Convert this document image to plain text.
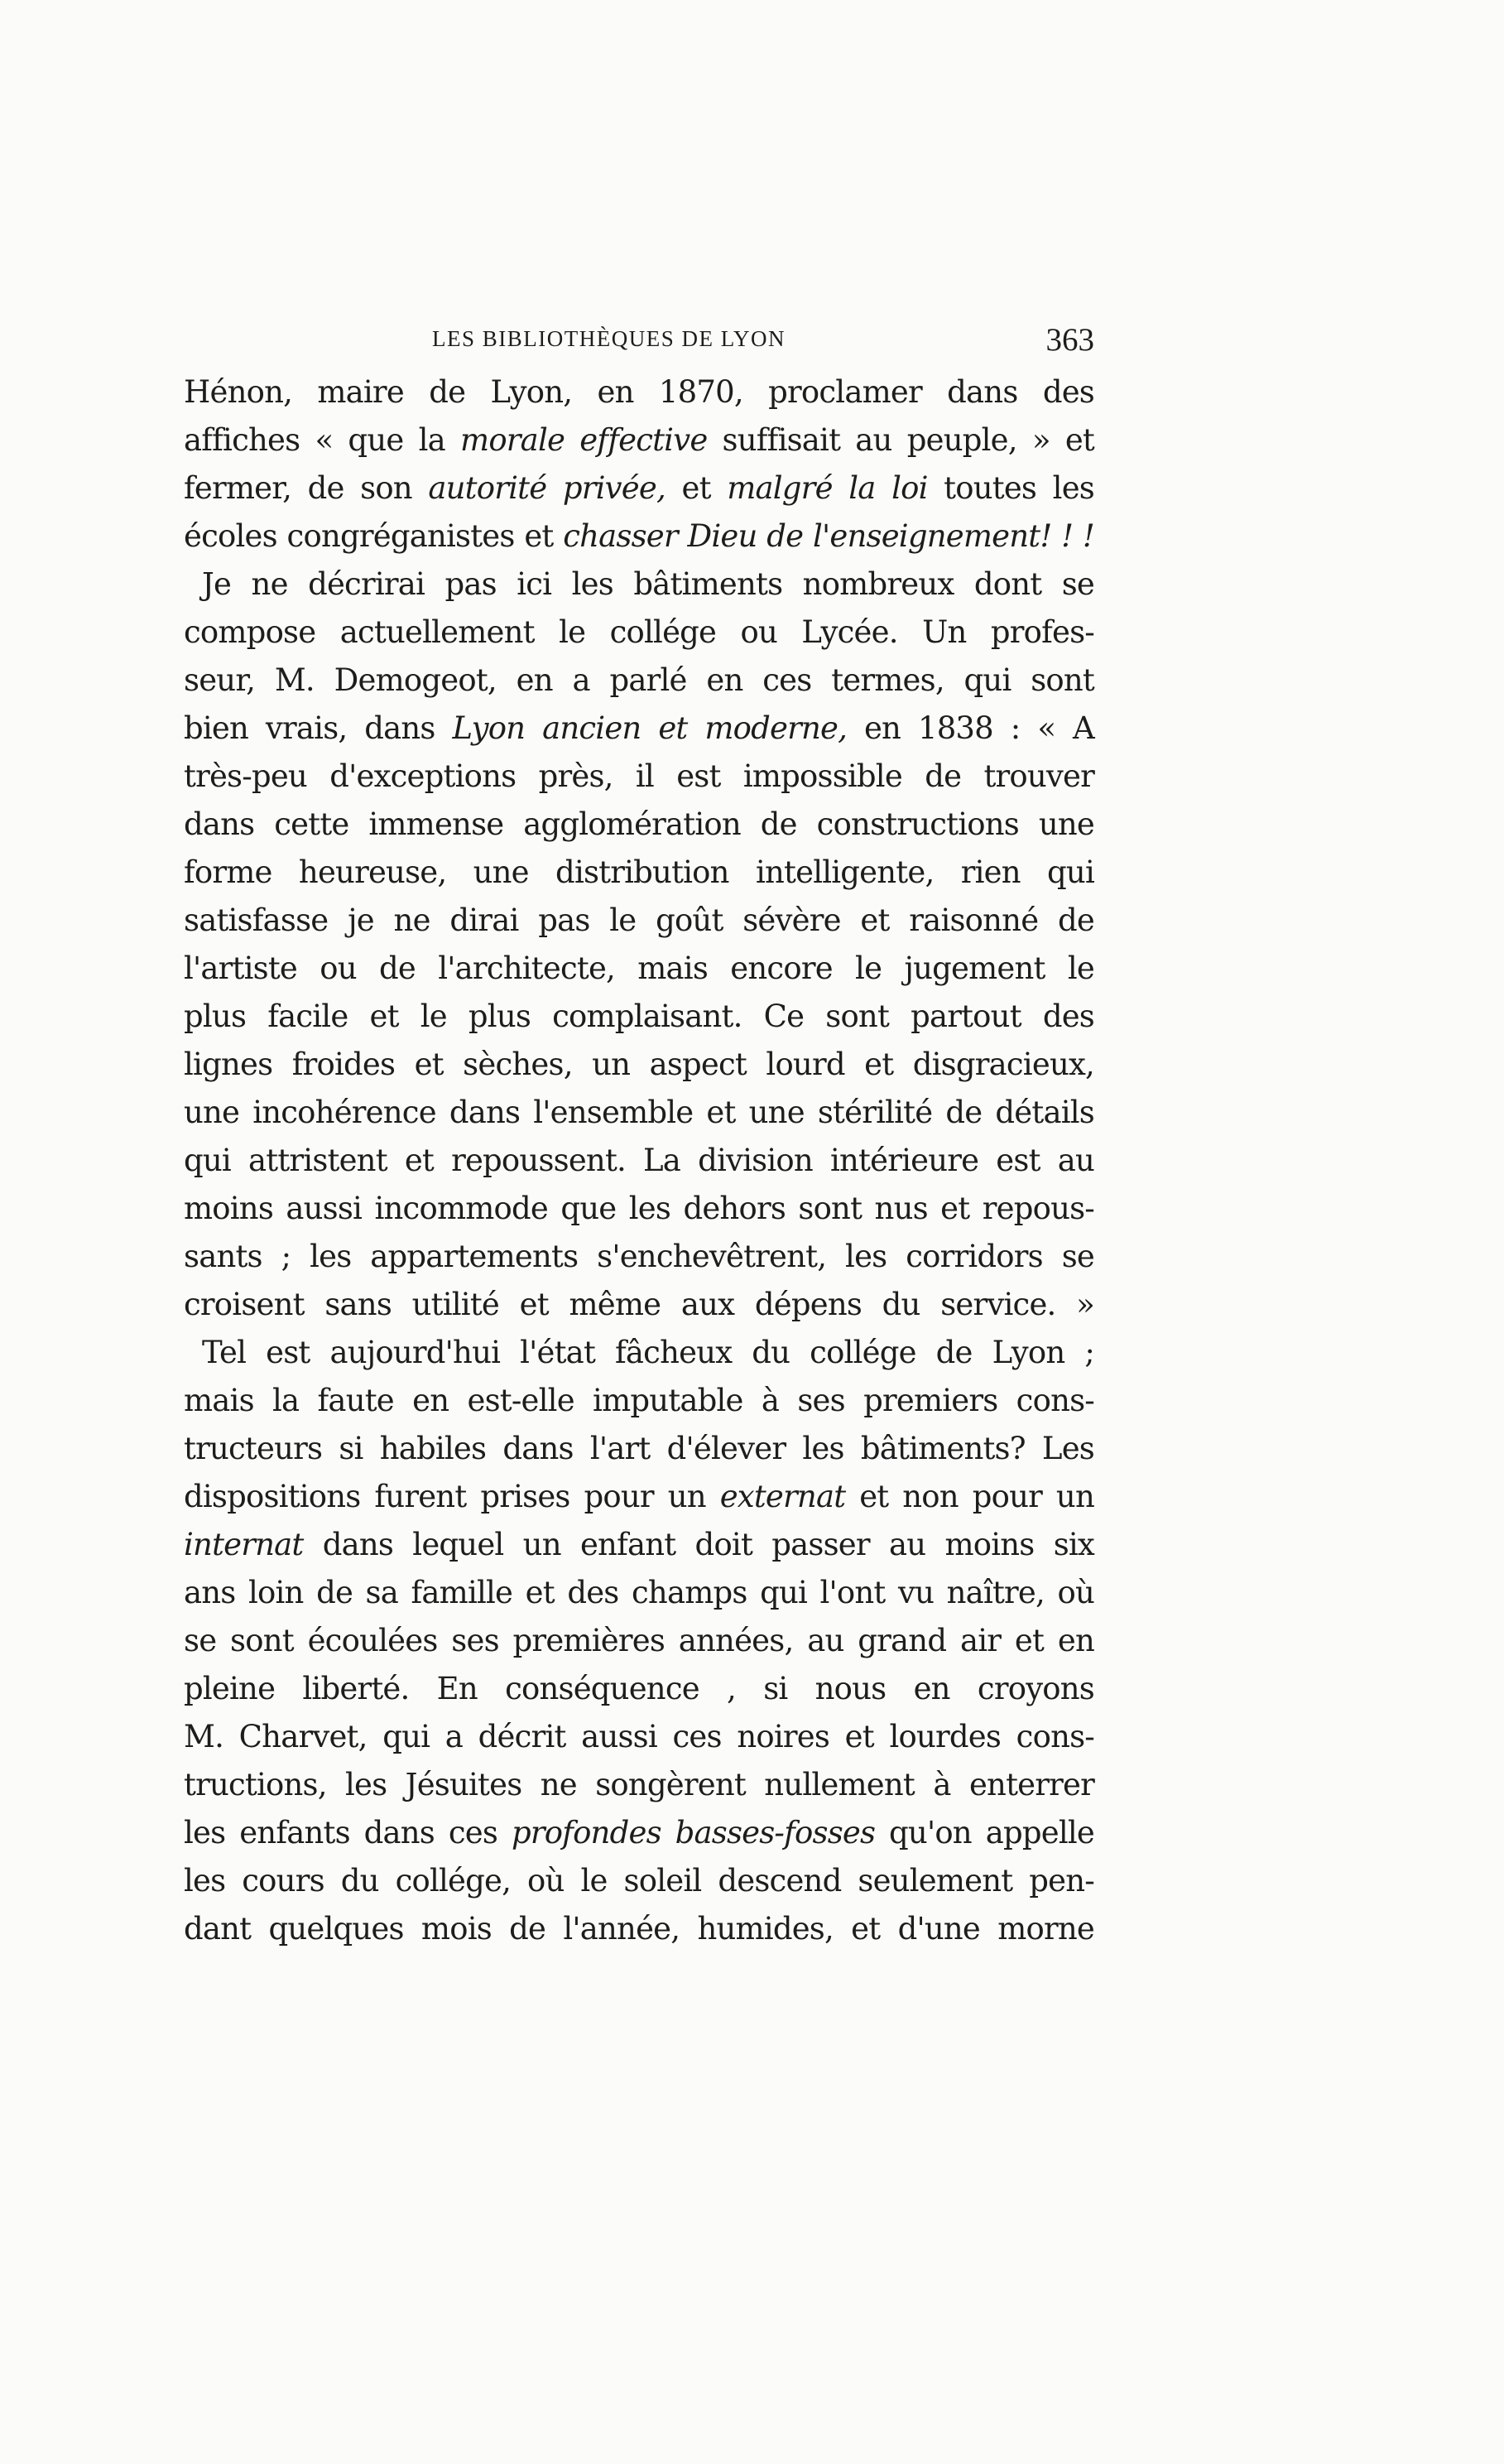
LES BIBLIOTHÈQUES DE LYON	363
Hénon, maire de Lyon, en 1870, proclamer dans des
affiches « que la morale effective suffisait au peuple, » et
fermer, de son autorité privée, et malgré la loi toutes les
écoles congréganistes et chasser Dieu de l'enseignement! ! !
Je ne décrirai pas ici les bâtiments nombreux dont se
compose actuellement le collége ou Lycée. Un profes-
seur, M. Demogeot, en a parlé en ces termes, qui sont
bien vrais, dans Lyon ancien et moderne, en 1838 : « A
très-peu d'exceptions près, il est impossible de trouver
dans cette immense agglomération de constructions une
forme heureuse, une distribution intelligente, rien qui
satisfasse je ne dirai pas le goût sévère et raisonné de
l'artiste ou de l'architecte, mais encore le jugement le
plus facile et le plus complaisant. Ce sont partout des
lignes froides et sèches, un aspect lourd et disgracieux,
une incohérence dans l'ensemble et une stérilité de détails
qui attristent et repoussent. La division intérieure est au
moins aussi incommode que les dehors sont nus et repous-
sants ; les appartements s'enchevêtrent, les corridors se
croisent sans utilité et même aux dépens du service. »
Tel est aujourd'hui l'état fâcheux du collége de Lyon ;
mais la faute en est-elle imputable à ses premiers cons-
tructeurs si habiles dans l'art d'élever les bâtiments? Les
dispositions furent prises pour un externat et non pour un
internat dans lequel un enfant doit passer au moins six
ans loin de sa famille et des champs qui l'ont vu naître, où
se sont écoulées ses premières années, au grand air et en
pleine liberté. En conséquence , si nous en croyons
M. Charvet, qui a décrit aussi ces noires et lourdes cons-
tructions, les Jésuites ne songèrent nullement à enterrer
les enfants dans ces profondes basses-fosses qu'on appelle
les cours du collége, où le soleil descend seulement pen-
dant quelques mois de l'année, humides, et d'une morne
